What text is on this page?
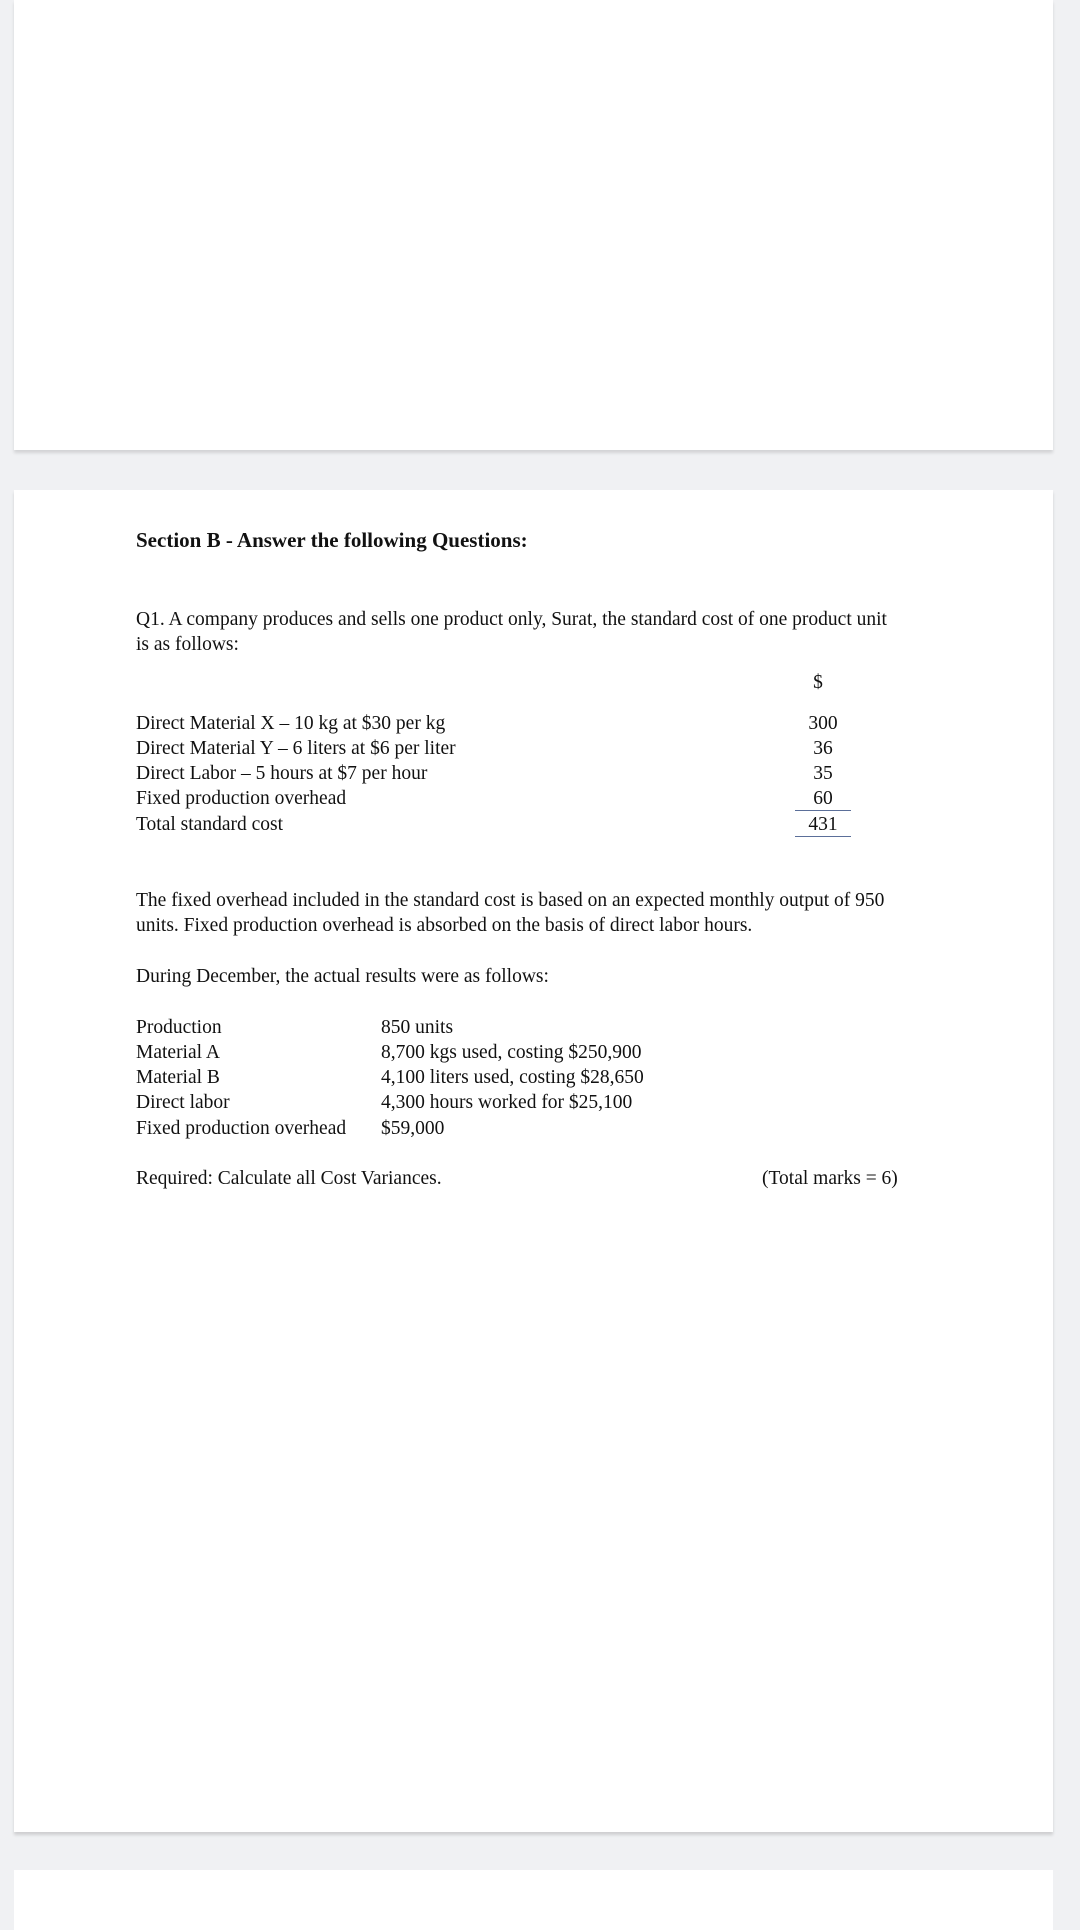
Section B - Answer the following Questions:
Q1. A company produces and sells one product only, Surat, the standard cost of one product unit
is as follows:
$
Direct Material X – 10 kg at $30 per kg	300
Direct Material Y – 6 liters at $6 per liter	36
Direct Labor – 5 hours at $7 per hour	35
Fixed production overhead	60
Total standard cost	431
The fixed overhead included in the standard cost is based on an expected monthly output of 950
units. Fixed production overhead is absorbed on the basis of direct labor hours.
During December, the actual results were as follows:
Production	850 units
Material A	8,700 kgs used, costing $250,900
Material B	4,100 liters used, costing $28,650
Direct labor	4,300 hours worked for $25,100
Fixed production overhead $59,000
Required: Calculate all Cost Variances.	(Total marks = 6)
